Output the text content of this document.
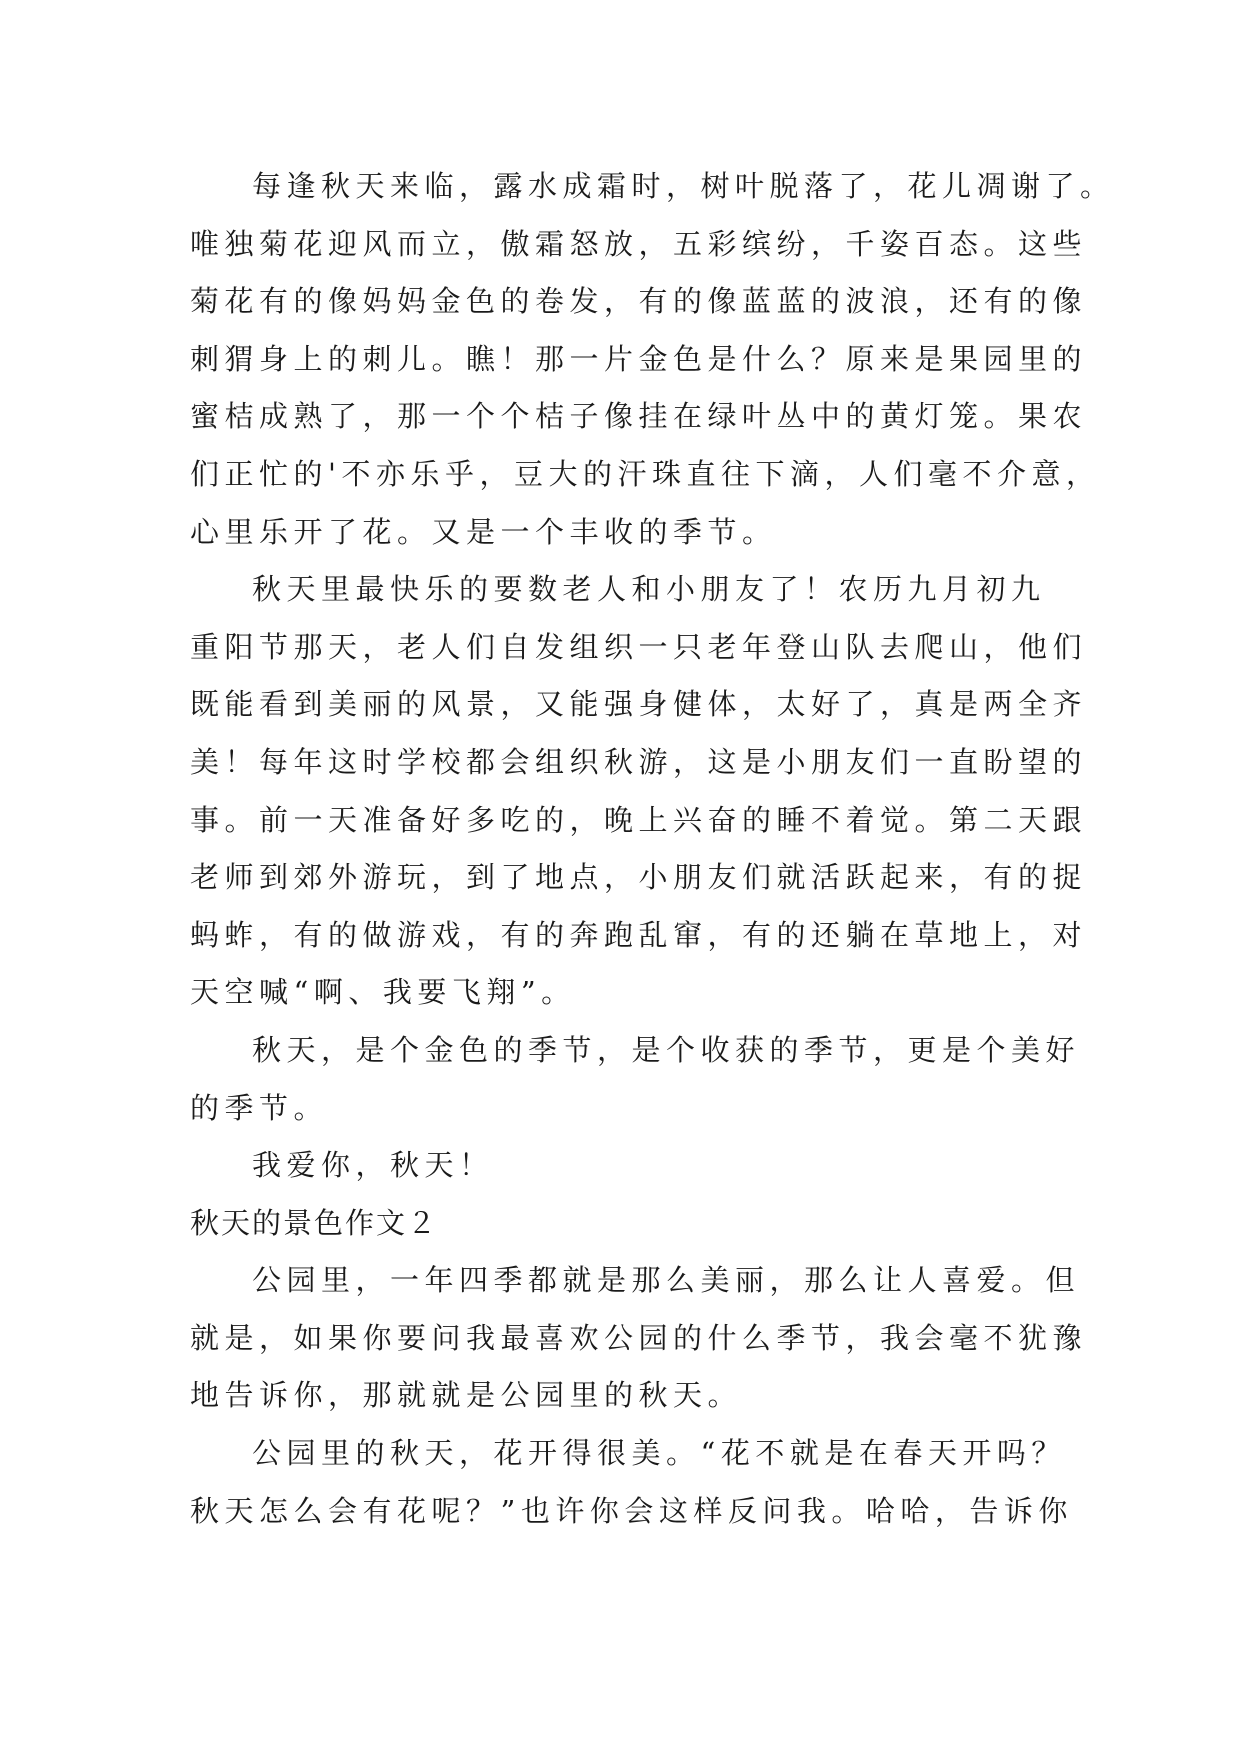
每逢秋天来临，露水成霜时，树叶脱落了，花儿凋谢了。
唯独菊花迎风而立，傲霜怒放，五彩缤纷，千姿百态。这些
菊花有的像妈妈金色的卷发，有的像蓝蓝的波浪，还有的像
刺猬身上的刺儿。瞧！那一片金色是什么？原来是果园里的
蜜桔成熟了，那一个个桔子像挂在绿叶丛中的黄灯笼。果农
们正忙的'不亦乐乎，豆大的汗珠直往下滴，人们毫不介意，
心里乐开了花。又是一个丰收的季节。
秋天里最快乐的要数老人和小朋友了！农历九月初九
重阳节那天，老人们自发组织一只老年登山队去爬山，他们
既能看到美丽的风景，又能强身健体，太好了，真是两全齐
美！每年这时学校都会组织秋游，这是小朋友们一直盼望的
事。前一天准备好多吃的，晚上兴奋的睡不着觉。第二天跟
老师到郊外游玩，到了地点，小朋友们就活跃起来，有的捉
蚂蚱，有的做游戏，有的奔跑乱窜，有的还躺在草地上，对
天空喊“啊、我要飞翔”。
秋天，是个金色的季节，是个收获的季节，更是个美好
的季节。
我爱你，秋天！
秋天的景色作文２
公园里，一年四季都就是那么美丽，那么让人喜爱。但
就是，如果你要问我最喜欢公园的什么季节，我会毫不犹豫
地告诉你，那就就是公园里的秋天。
公园里的秋天，花开得很美。“花不就是在春天开吗？
秋天怎么会有花呢？”也许你会这样反问我。哈哈，告诉你
